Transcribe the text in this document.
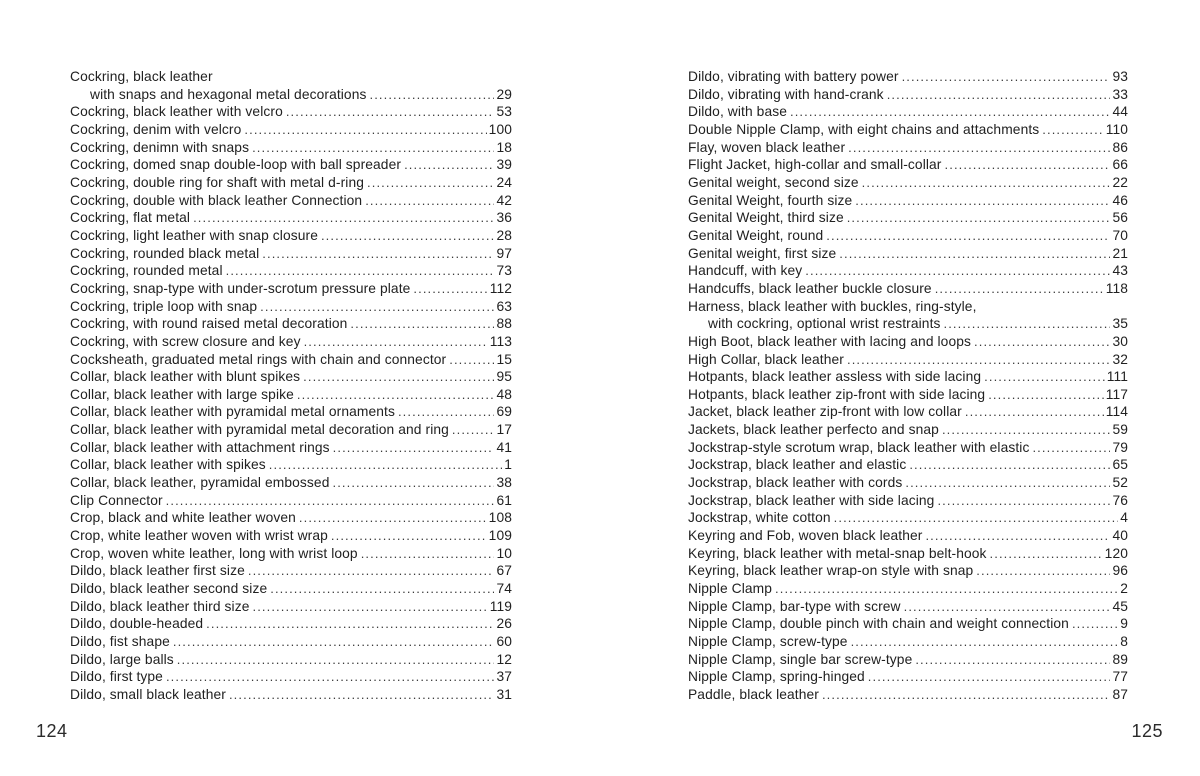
Cockring, black leather
with snaps and hexagonal metal decorations .....	29
Cockring, black leather with velcro .....	53
Cockring, denim with velcro .....	100
Cockring, denimn with snaps .....	18
Cockring, domed snap double-loop with ball spreader .....	39
Cockring, double ring for shaft with metal d-ring .....	24
Cockring, double with black leather Connection .....	42
Cockring, flat metal .....	36
Cockring, light leather with snap closure .....	28
Cockring, rounded black metal .....	97
Cockring, rounded metal .....	73
Cockring, snap-type with under-scrotum pressure plate .....	112
Cockring, triple loop with snap .....	63
Cockring, with round raised metal decoration .....	88
Cockring, with screw closure and key .....	113
Cocksheath, graduated metal rings with chain and connector .....	15
Collar, black leather with blunt spikes .....	95
Collar, black leather with large spike .....	48
Collar, black leather with pyramidal metal ornaments .....	69
Collar, black leather with pyramidal metal decoration and ring .....	17
Collar, black leather with attachment rings .....	41
Collar, black leather with spikes .....	1
Collar, black leather, pyramidal embossed .....	38
Clip Connector .....	61
Crop, black and white leather woven .....	108
Crop, white leather woven with wrist wrap .....	109
Crop, woven white leather, long with wrist loop .....	10
Dildo, black leather first size .....	67
Dildo, black leather second size .....	74
Dildo, black leather third size .....	119
Dildo, double-headed .....	26
Dildo, fist shape .....	60
Dildo, large balls .....	12
Dildo, first type .....	37
Dildo, small black leather .....	31
124
Dildo, vibrating with battery power .....	93
Dildo, vibrating with hand-crank .....	33
Dildo, with base .....	44
Double Nipple Clamp, with eight chains and attachments .....	110
Flay, woven black leather .....	86
Flight Jacket, high-collar and small-collar .....	66
Genital weight, second size .....	22
Genital Weight, fourth size .....	46
Genital Weight, third size .....	56
Genital Weight, round .....	70
Genital weight, first size .....	21
Handcuff, with key .....	43
Handcuffs, black leather buckle closure .....	118
Harness, black leather with buckles, ring-style,
with cockring, optional wrist restraints .....	35
High Boot, black leather with lacing and loops .....	30
High Collar, black leather .....	32
Hotpants, black leather assless with side lacing .....	111
Hotpants, black leather zip-front with side lacing .....	117
Jacket, black leather zip-front with low collar .....	114
Jackets, black leather perfecto and snap .....	59
Jockstrap-style scrotum wrap, black leather with elastic .....	79
Jockstrap, black leather and elastic .....	65
Jockstrap, black leather with cords .....	52
Jockstrap, black leather with side lacing .....	76
Jockstrap, white cotton .....	4
Keyring and Fob, woven black leather .....	40
Keyring, black leather with metal-snap belt-hook .....	120
Keyring, black leather wrap-on style with snap .....	96
Nipple Clamp .....	2
Nipple Clamp, bar-type with screw .....	45
Nipple Clamp, double pinch with chain and weight connection .....	9
Nipple Clamp, screw-type .....	8
Nipple Clamp, single bar screw-type .....	89
Nipple Clamp, spring-hinged .....	77
Paddle, black leather .....	87
125
